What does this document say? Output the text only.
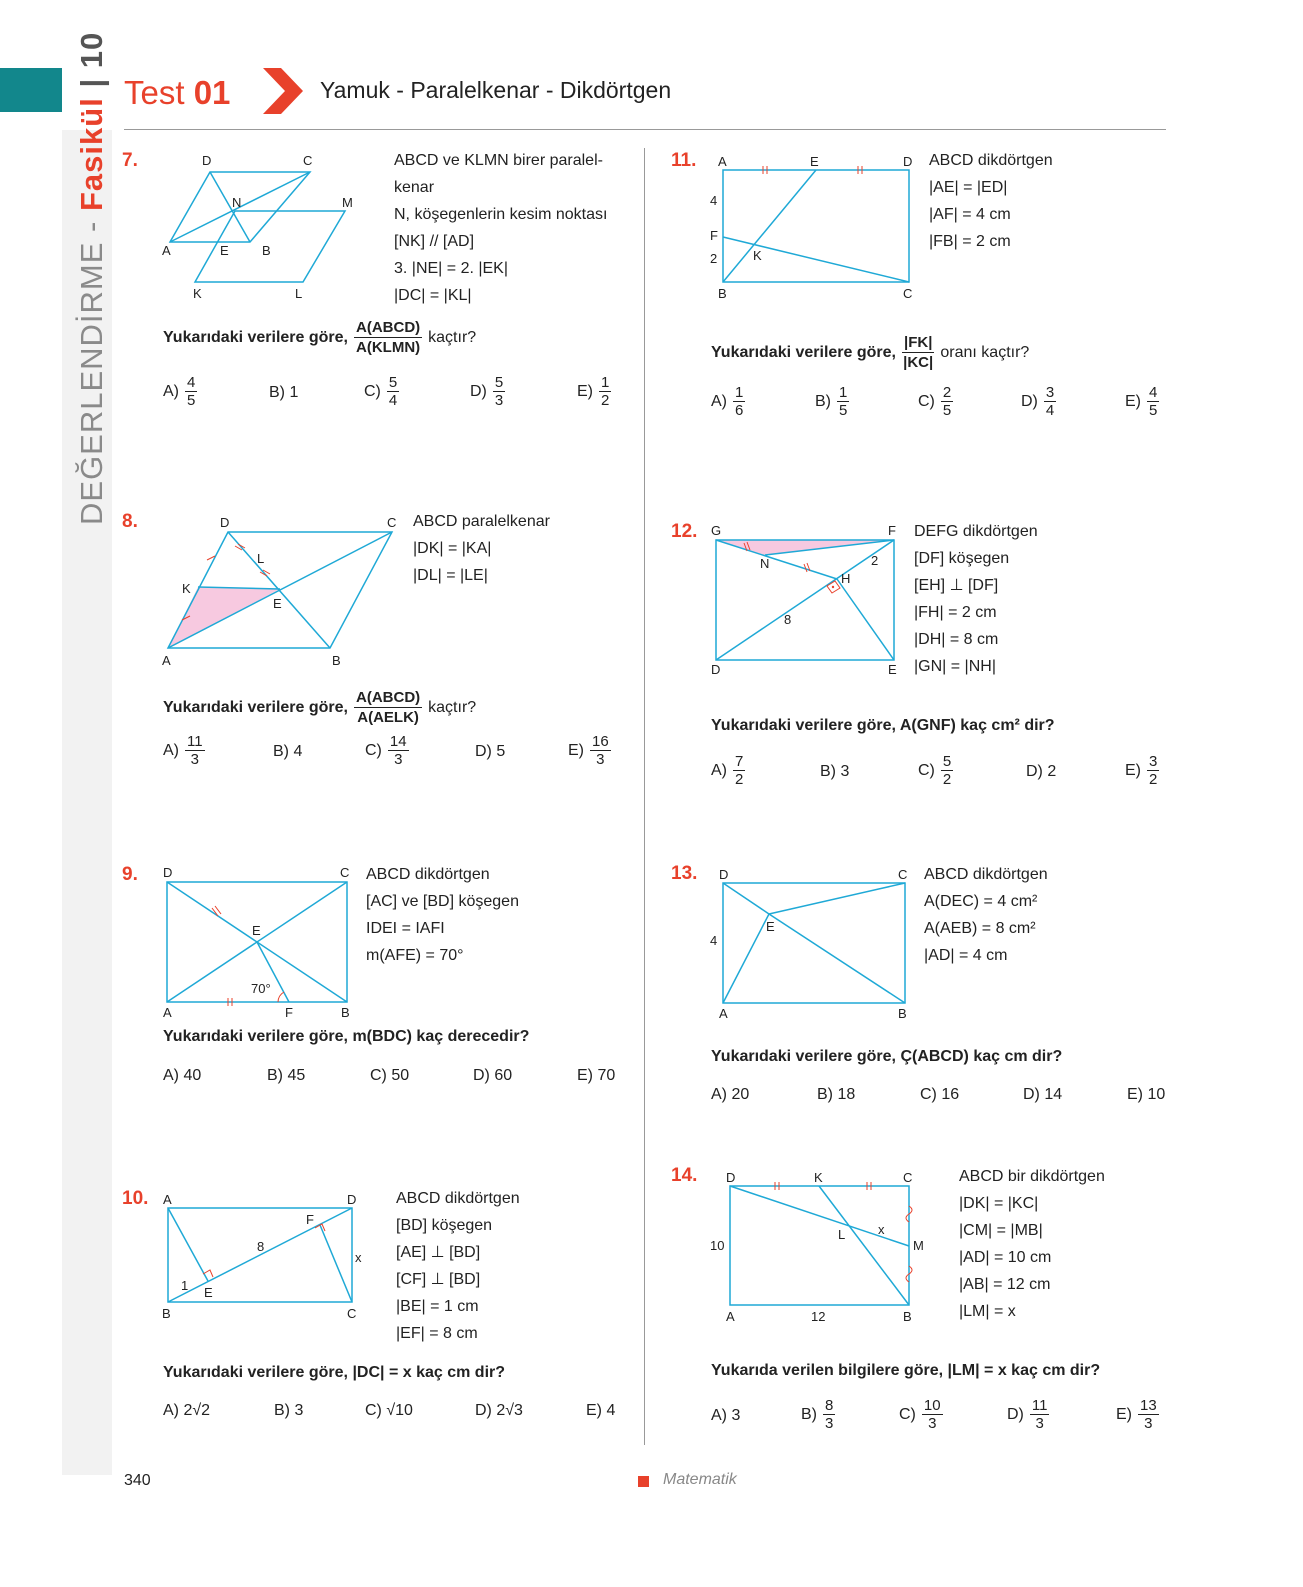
Test 01	Yamuk - Paralelkenar - Dikdörtgen
DEĞERLENDİRME - Fasikül | 10
7.	D	C
N	M
A	E	B
K	L
ABCD ve KLMN birer paralel-
kenar
N, köşegenlerin kesim noktası
[NK] // [AD]
3. |NE| = 2. |EK|
|DC| = |KL|
Yukarıdaki verilere göre,
A(ABCD)
A(KLMN)
kaçtır?
$A) \frac{4}{5}$	B) 1	$C) \frac{5}{4}$	$D) \frac{5}{3}$	$E) \frac{1}{2}$
8.	D	C
L
K
E
A	B
ABCD paralelkenar
|DK| = |KA|
|DL| = |LE|
Yukarıdaki verilere göre,
A(ABCD)
A(AELK)
kaçtır?
$A) \frac{11}{3}$	B) 4	$C) \frac{14}{3}$	D) 5	$E) \frac{16}{3}$
9. D	C
E
70°
A	F	B
ABCD dikdörtgen
[AC] ve [BD] köşegen
IDEI = IAFI
m(AFE) = 70°
Yukarıdaki verilere göre, m(BDC) kaç derecedir?
A) 40	B) 45	C) 50	D) 60	E) 70
10. A	D
F
8
x
1 E
B	C
ABCD dikdörtgen
[BD] köşegen
[AE] ⊥ [BD]
[CF] ⊥ [BD]
|BE| = 1 cm
|EF| = 8 cm
Yukarıdaki verilere göre, |DC| = x kaç cm dir?
A) 2√2	B) 3	C) √10	D) 2√3	E) 4
11. A	E	D
4
F
2	K
B	C
ABCD dikdörtgen
|AE| = |ED|
|AF| = 4 cm
|FB| = 2 cm
Yukarıdaki verilere göre,
|FK|
|KC|
oranı kaçtır?
$A) \frac{1}{6}$	$B) \frac{1}{5}$	$C) \frac{2}{5}$	$D) \frac{3}{4}$	$E) \frac{4}{5}$
12. G	F
N	2
H
8
D	E
DEFG dikdörtgen
[DF] köşegen
[EH] ⊥ [DF]
|FH| = 2 cm
|DH| = 8 cm
|GN| = |NH|
Yukarıdaki verilere göre, A(GNF) kaç cm² dir?
$A) \frac{7}{2}$	B) 3	$C) \frac{5}{2}$	D) 2	$E) \frac{3}{2}$
13. D	C
E
4
A	B
ABCD dikdörtgen
A(DEC) = 4 cm²
A(AEB) = 8 cm²
|AD| = 4 cm
Yukarıdaki verilere göre, Ç(ABCD) kaç cm dir?
A) 20	B) 18	C) 16	D) 14	E) 10
14. D	K	C
x
L
M
10
A	12	B
ABCD bir dikdörtgen
|DK| = |KC|
|CM| = |MB|
|AD| = 10 cm
|AB| = 12 cm
|LM| = x
Yukarıda verilen bilgilere göre, |LM| = x kaç cm dir?
A) 3	$B) \frac{8}{3}$	$C) \frac{10}{3}$	$D) \frac{11}{3}$	$E) \frac{13}{3}$
340	Matematik
